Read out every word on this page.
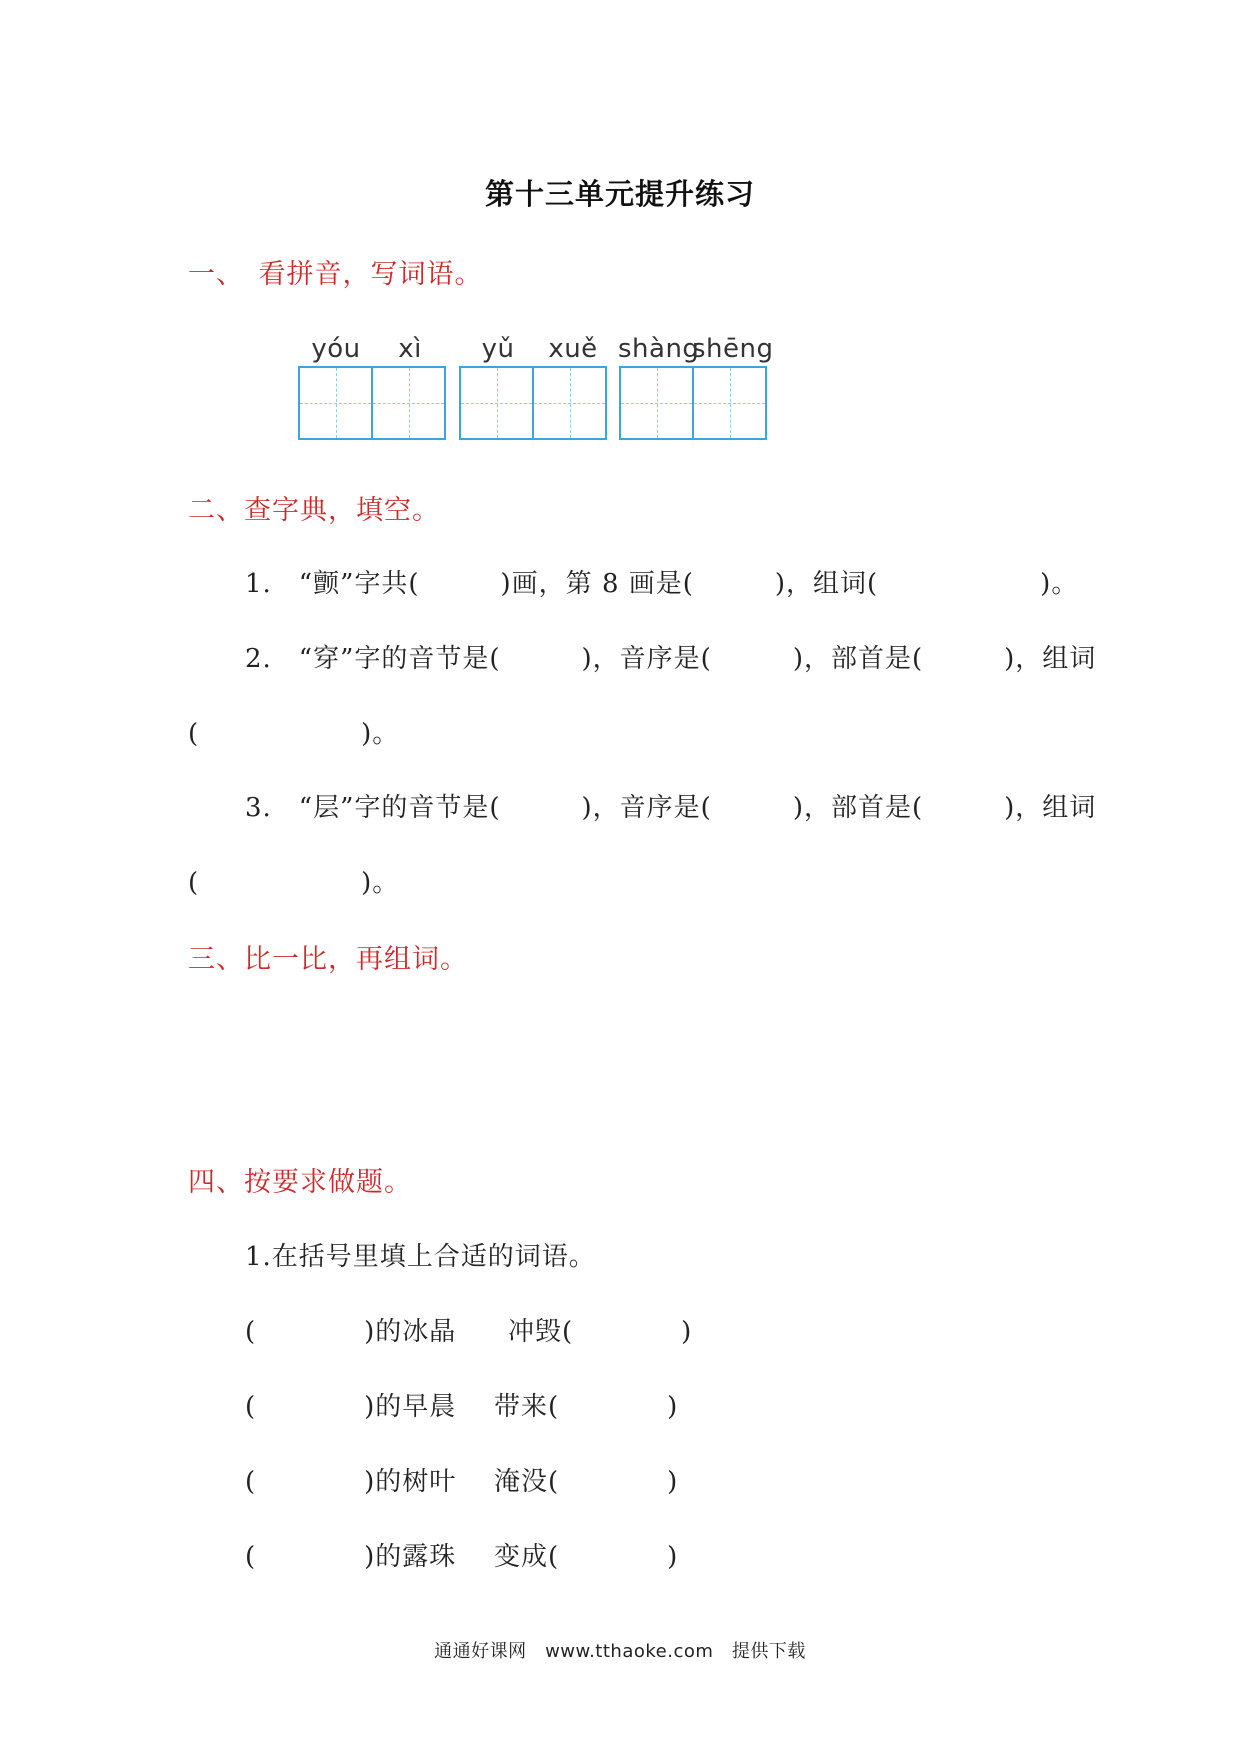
第十三单元提升练习
一、　看拼音，写词语。
yóu	xì	yǔ	xuě shàng
shēng
二、查字典，填空。
1.　“颤”字共(　　　)画，第 8 画是(　　　)，组词(　　　　　　)。
2.　“穿”字的音节是(　　　)，音序是(　　　)，部首是(　　　)，组词
(　　　　　　)。
3.　“层”字的音节是(　　　)，音序是(　　　)，部首是(　　　)，组词
(　　　　　　)。
三、比一比，再组词。
四、按要求做题。
1.在括号里填上合适的词语。
(　　　　)的冰晶 冲毁(　　　　)
(　　　　)的早晨 带来(　　　　)
(　　　　)的树叶 淹没(　　　　)
(　　　　)的露珠 变成(　　　　)
通通好课网　www.tthaoke.com　提供下载
